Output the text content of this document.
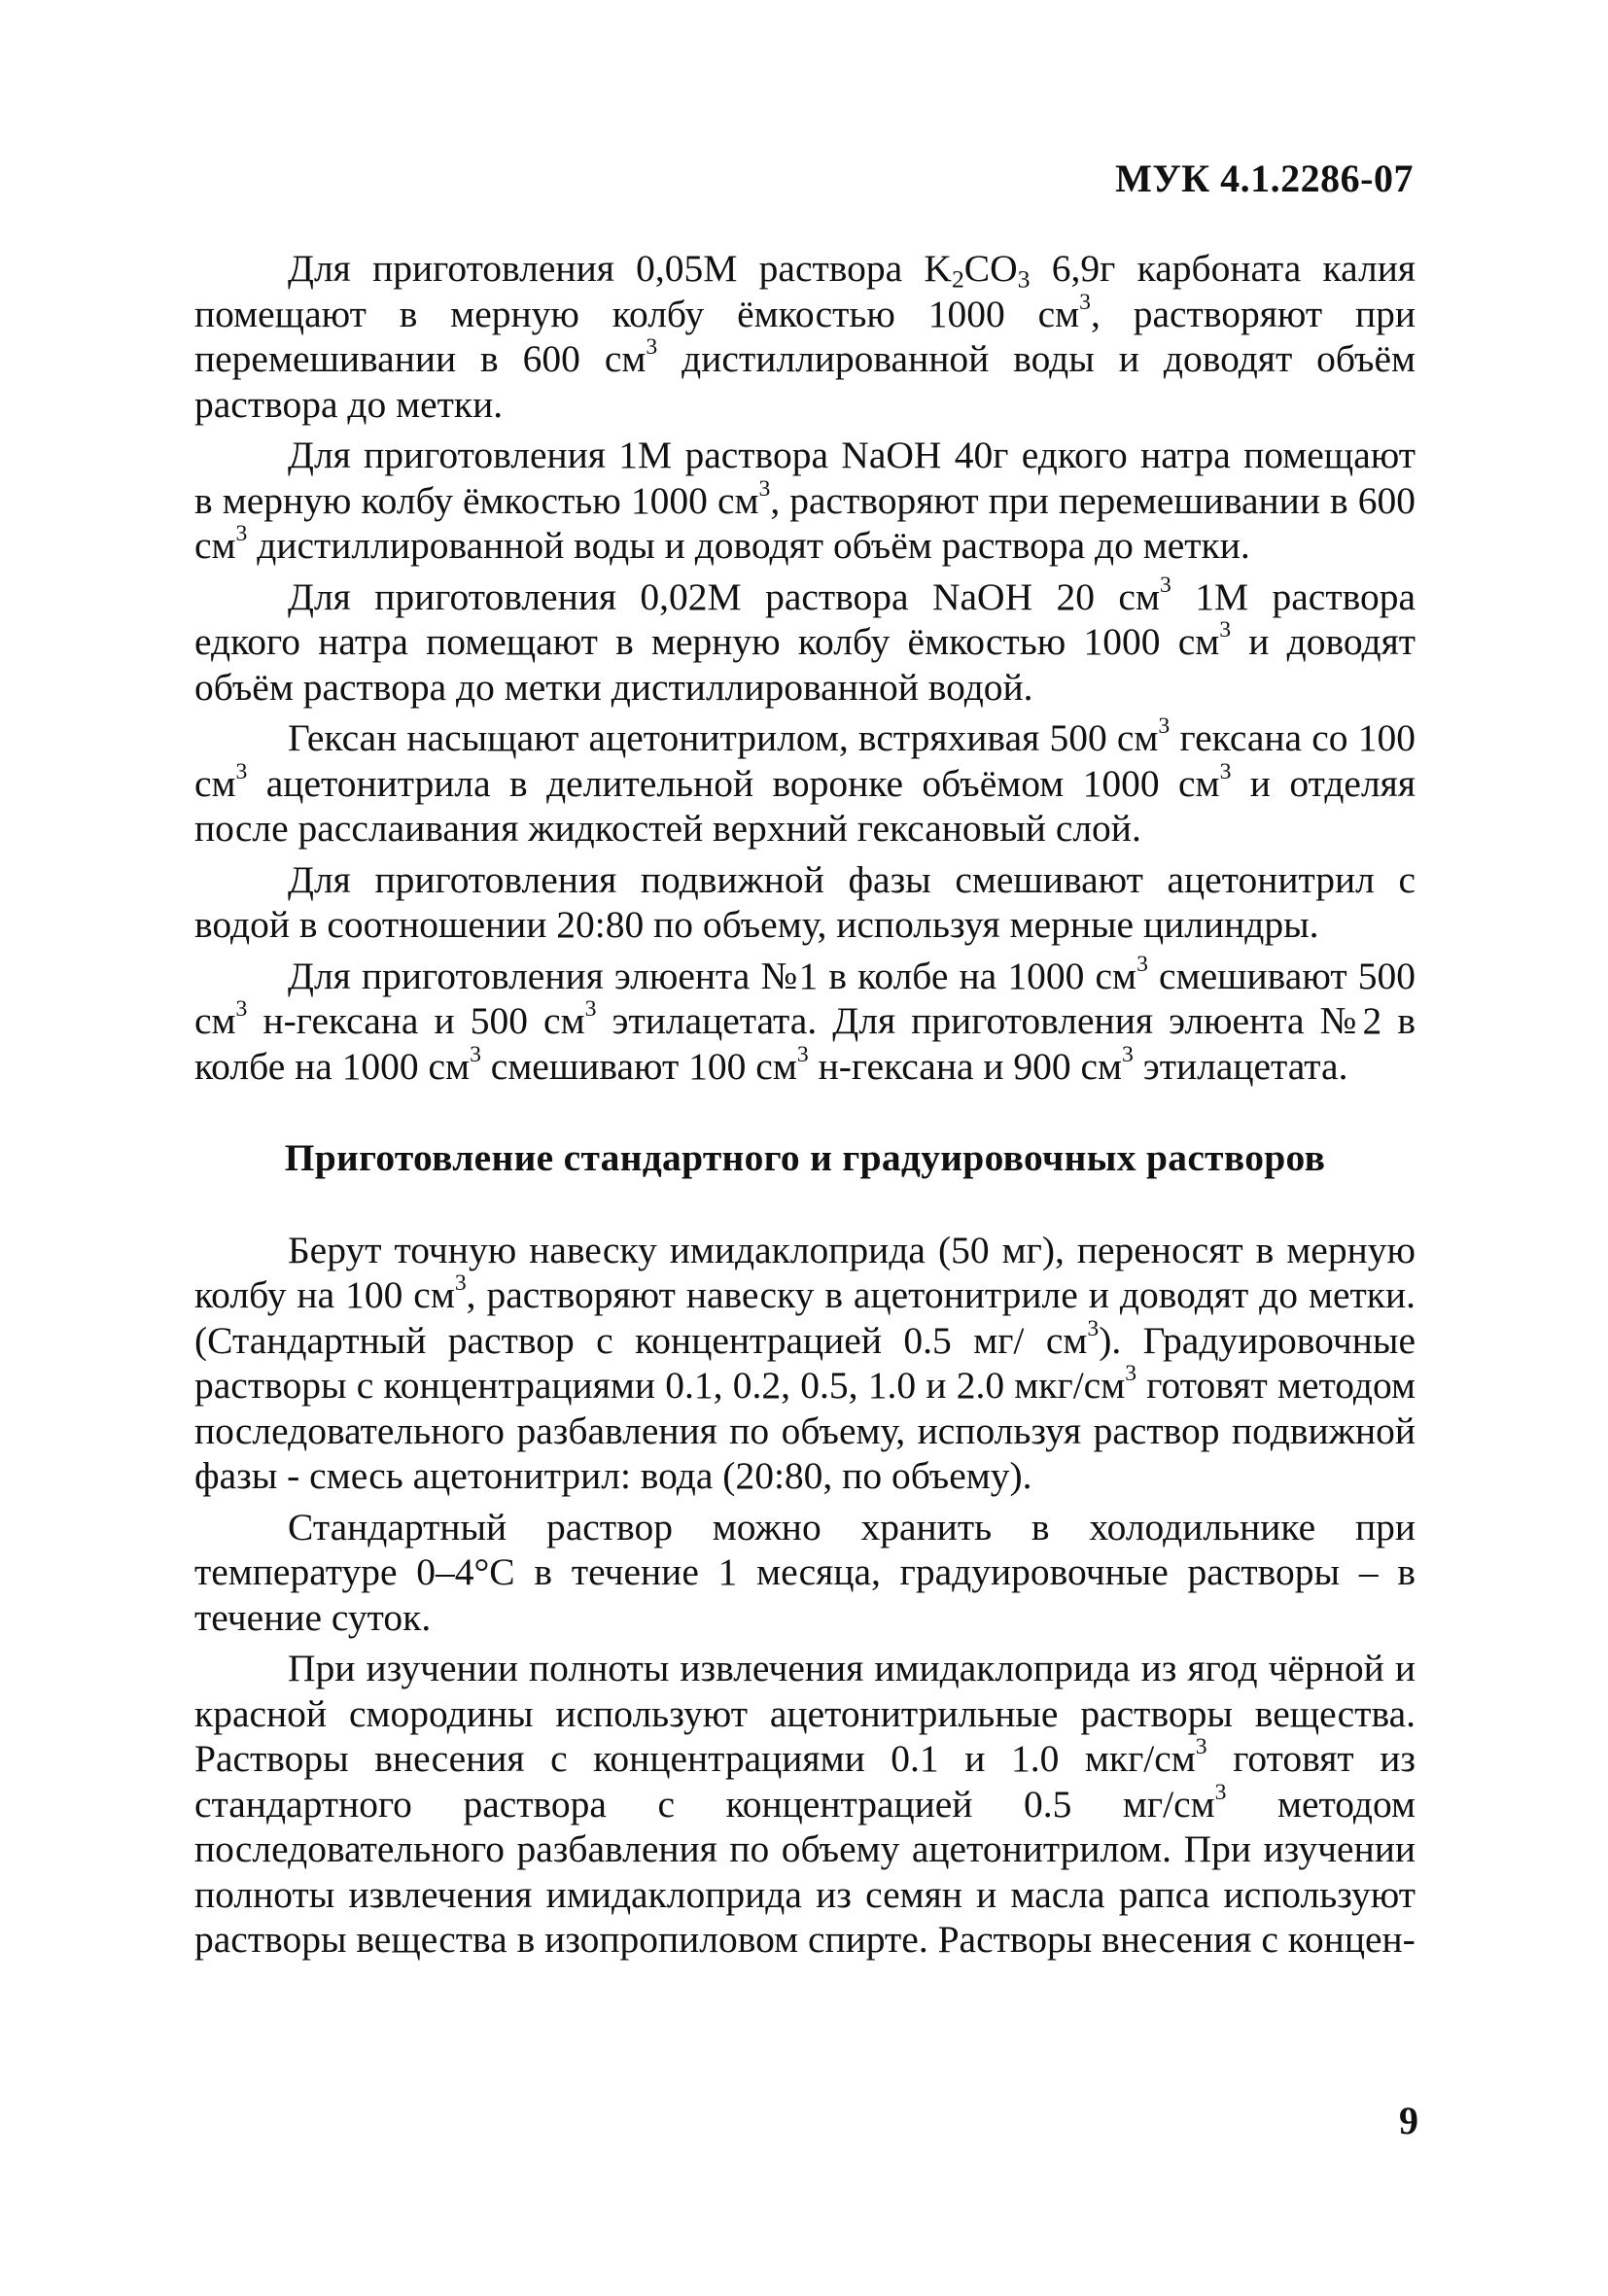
МУК 4.1.2286-07

Для приготовления 0,05М раствора $K_2CO_3$ 6,9г карбоната калия помещают в мерную колбу ёмкостью 1000 $см^3$, растворяют при перемешивании в 600 $см^3$ дистиллированной воды и доводят объём раствора до метки.

Для приготовления 1М раствора NaOH 40г едкого натра помещают в мерную колбу ёмкостью 1000 $см^3$, растворяют при перемешивании в 600 $см^3$ дистиллированной воды и доводят объём раствора до метки.

Для приготовления 0,02М раствора NaOH 20 $см^3$ 1М раствора едкого натра помещают в мерную колбу ёмкостью 1000 $см^3$ и доводят объём раствора до метки дистиллированной водой.

Гексан насыщают ацетонитрилом, встряхивая 500 $см^3$ гексана со 100 $см^3$ ацетонитрила в делительной воронке объёмом 1000 $см^3$ и отделяя после расслаивания жидкостей верхний гексановый слой.

Для приготовления подвижной фазы смешивают ацетонитрил с водой в соотношении 20:80 по объему, используя мерные цилиндры.

Для приготовления элюента №1 в колбе на 1000 $см^3$ смешивают 500 $см^3$ н-гексана и 500 $см^3$ этилацетата. Для приготовления элюента №2 в колбе на 1000 $см^3$ смешивают 100 $см^3$ н-гексана и 900 $см^3$ этилацетата.

Приготовление стандартного и градуировочных растворов

Берут точную навеску имидаклоприда (50 мг), переносят в мерную колбу на 100 $см^3$, растворяют навеску в ацетонитриле и доводят до метки. (Стандартный раствор с концентрацией 0.5 мг/ $см^3$). Градуировочные растворы с концентрациями 0.1, 0.2, 0.5, 1.0 и 2.0 мкг/$см^3$ готовят методом последовательного разбавления по объему, используя раствор подвижной фазы - смесь ацетонитрил: вода (20:80, по объему).

Стандартный раствор можно хранить в холодильнике при температуре 0–4°С в течение 1 месяца, градуировочные растворы – в течение суток.

При изучении полноты извлечения имидаклоприда из ягод чёрной и красной смородины используют ацетонитрильные растворы вещества. Растворы внесения с концентрациями 0.1 и 1.0 мкг/$см^3$ готовят из стандартного раствора с концентрацией 0.5 $мг/см^3$ методом последовательного разбавления по объему ацетонитрилом. При изучении полноты извлечения имидаклоприда из семян и масла рапса используют растворы вещества в изопропиловом спирте. Растворы внесения с концен-

9
